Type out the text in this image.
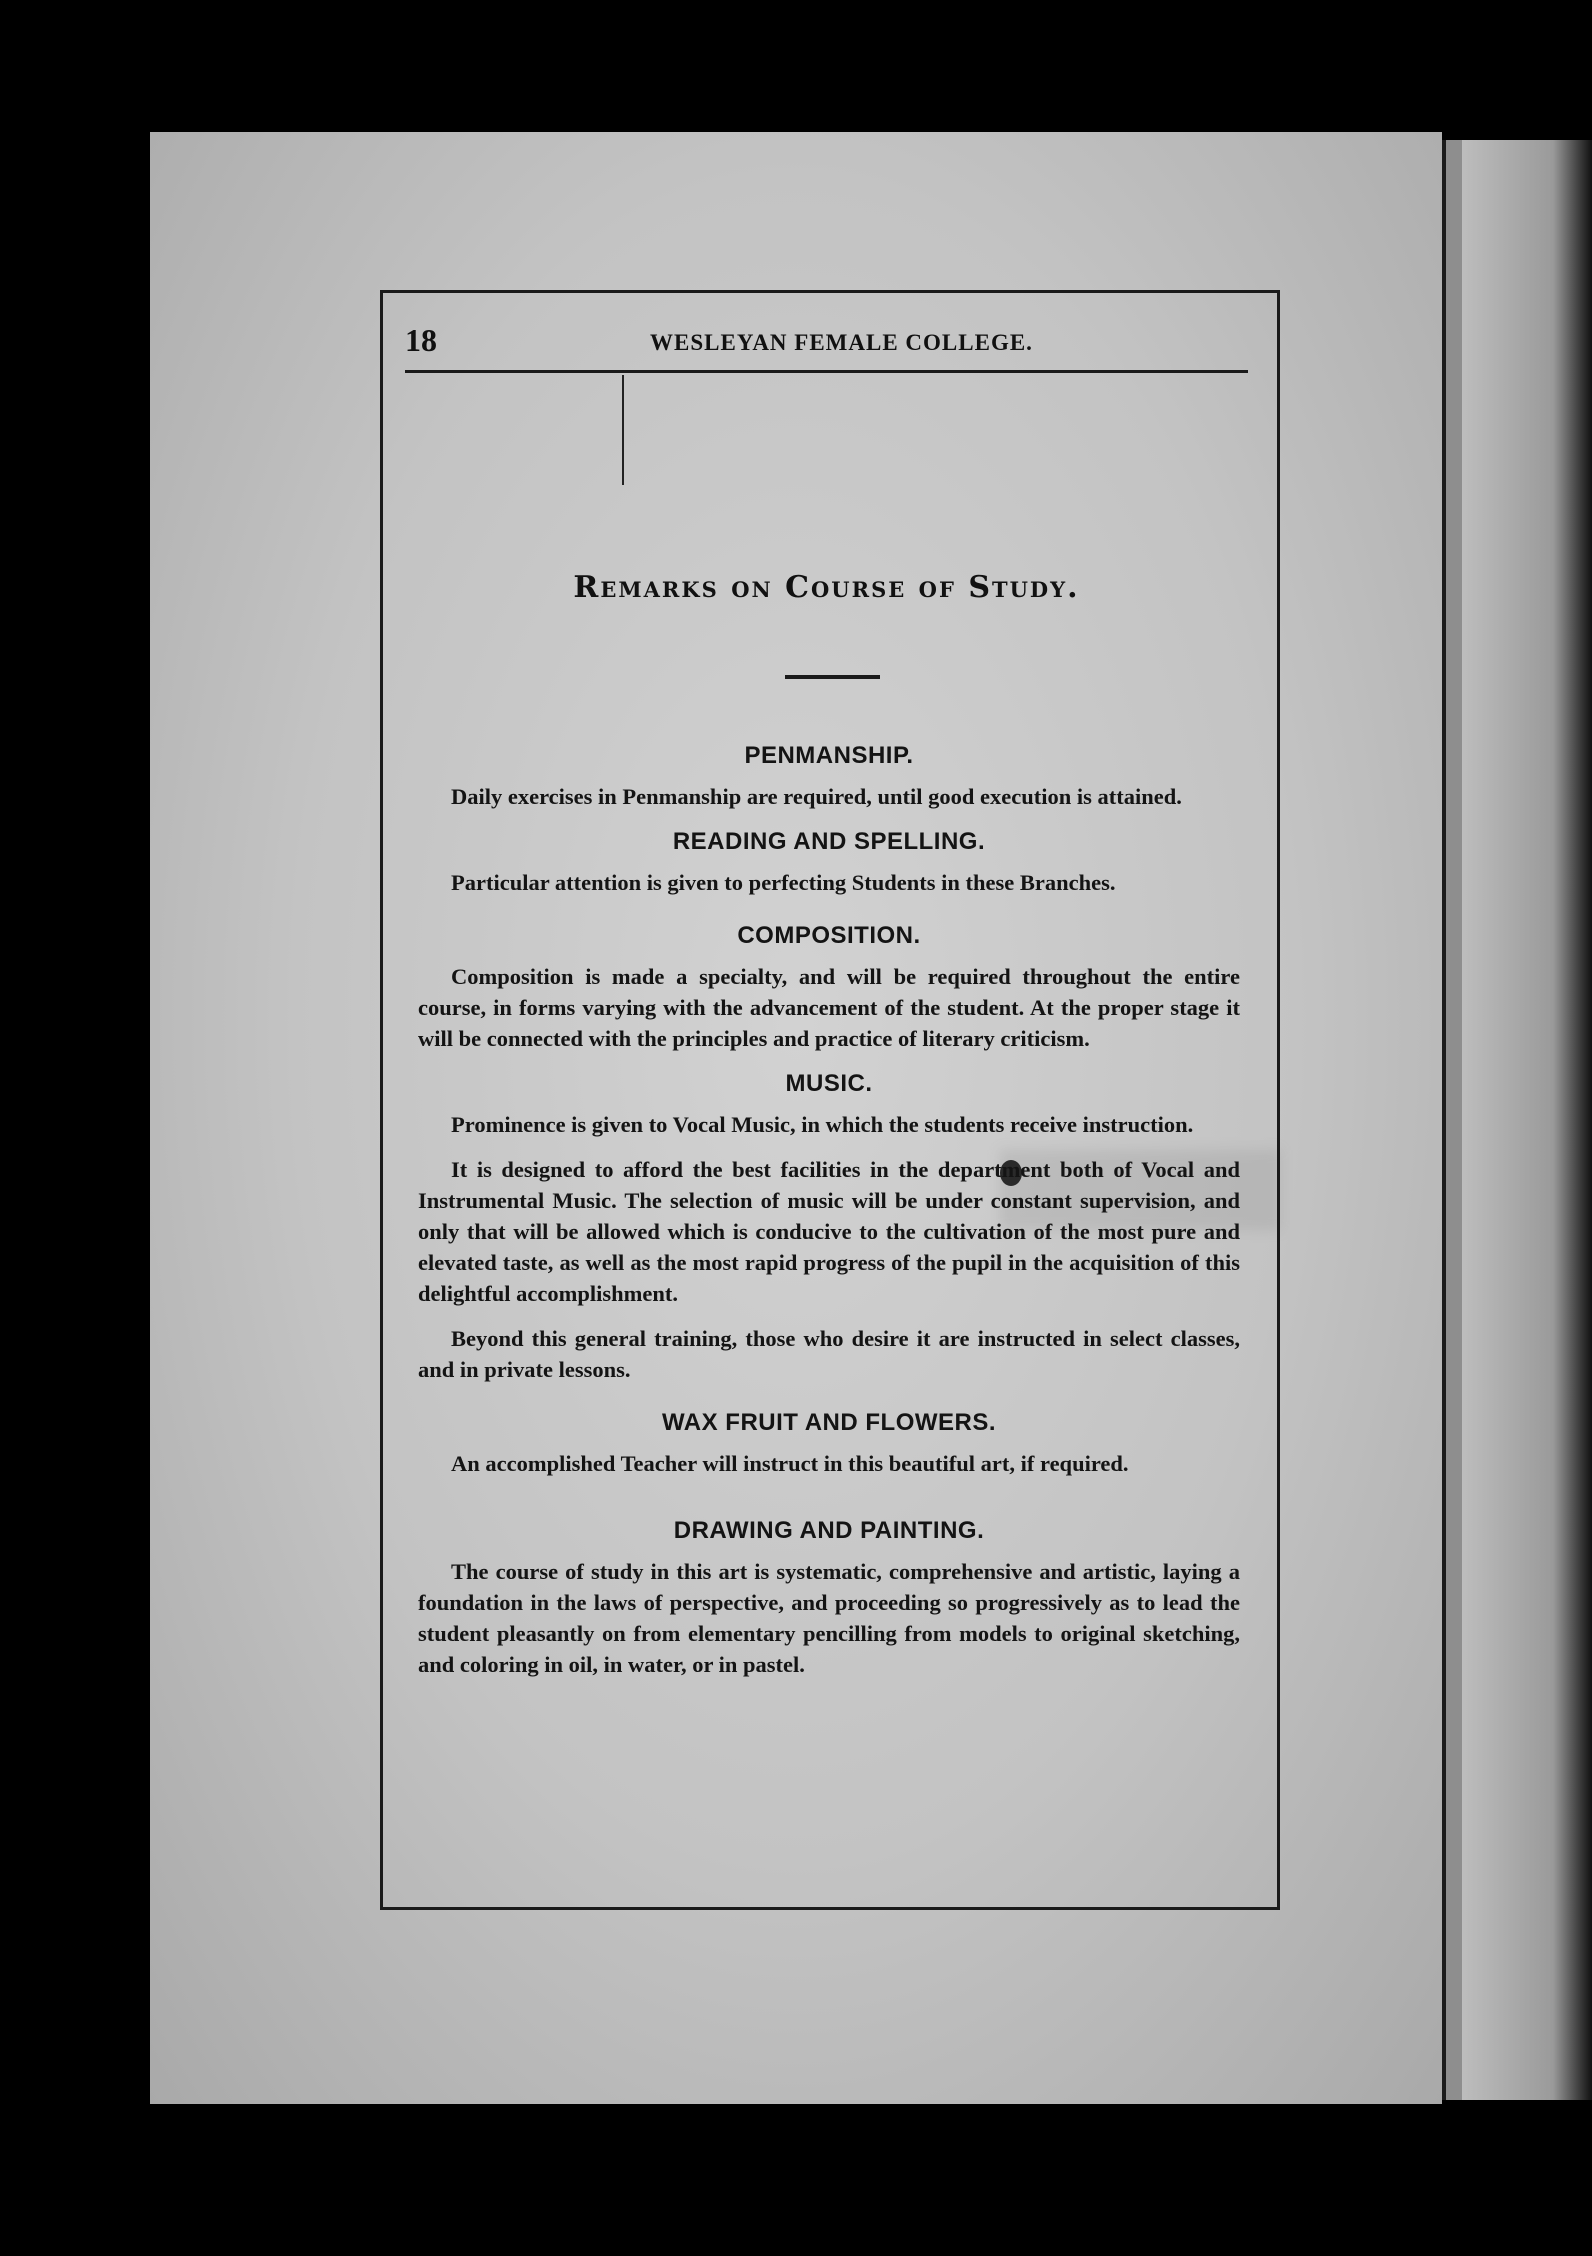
18	WESLEYAN FEMALE COLLEGE.
Remarks on Course of Study.
PENMANSHIP.

Daily exercises in Penmanship are required, until good execution is attained.

READING AND SPELLING.

Particular attention is given to perfecting Students in these Branches.

COMPOSITION.

Composition is made a specialty, and will be required throughout the entire course, in forms varying with the advancement of the student. At the proper stage it will be connected with the principles and practice of literary criticism.

MUSIC.

Prominence is given to Vocal Music, in which the students receive instruction.

It is designed to afford the best facilities in the department both of Vocal and Instrumental Music. The selection of music will be under constant supervision, and only that will be allowed which is conducive to the cultivation of the most pure and elevated taste, as well as the most rapid progress of the pupil in the acquisition of this delightful accomplishment.

Beyond this general training, those who desire it are instructed in select classes, and in private lessons.

WAX FRUIT AND FLOWERS.

An accomplished Teacher will instruct in this beautiful art, if required.

DRAWING AND PAINTING.

The course of study in this art is systematic, comprehensive and artistic, laying a foundation in the laws of perspective, and proceeding so progressively as to lead the student pleasantly on from elementary pencilling from models to original sketching, and coloring in oil, in water, or in pastel.
